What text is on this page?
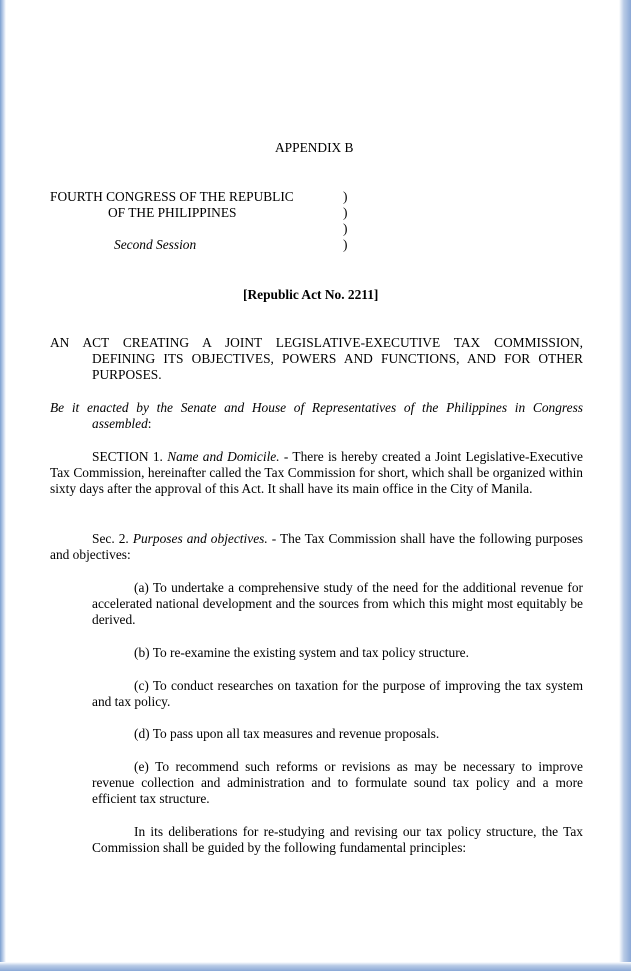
APPENDIX B
FOURTH CONGRESS OF THE REPUBLIC
OF THE PHILIPPINES
Second Session
)
)
)
)
[Republic Act No. 2211]
AN ACT CREATING A JOINT LEGISLATIVE-EXECUTIVE TAX COMMISSION,
DEFINING ITS OBJECTIVES, POWERS AND FUNCTIONS, AND FOR OTHER
PURPOSES.
Be it enacted by the Senate and House of Representatives of the Philippines in Congress
assembled:
SECTION 1. Name and Domicile. - There is hereby created a Joint Legislative-Executive Tax Commission, hereinafter called the Tax Commission for short, which shall be organized within sixty days after the approval of this Act. It shall have its main office in the City of Manila.
Sec. 2. Purposes and objectives. - The Tax Commission shall have the following purposes and objectives:
(a) To undertake a comprehensive study of the need for the additional revenue for accelerated national development and the sources from which this might most equitably be derived.
(b) To re-examine the existing system and tax policy structure.
(c) To conduct researches on taxation for the purpose of improving the tax system and tax policy.
(d) To pass upon all tax measures and revenue proposals.
(e) To recommend such reforms or revisions as may be necessary to improve revenue collection and administration and to formulate sound tax policy and a more efficient tax structure.
In its deliberations for re-studying and revising our tax policy structure, the Tax Commission shall be guided by the following fundamental principles:
